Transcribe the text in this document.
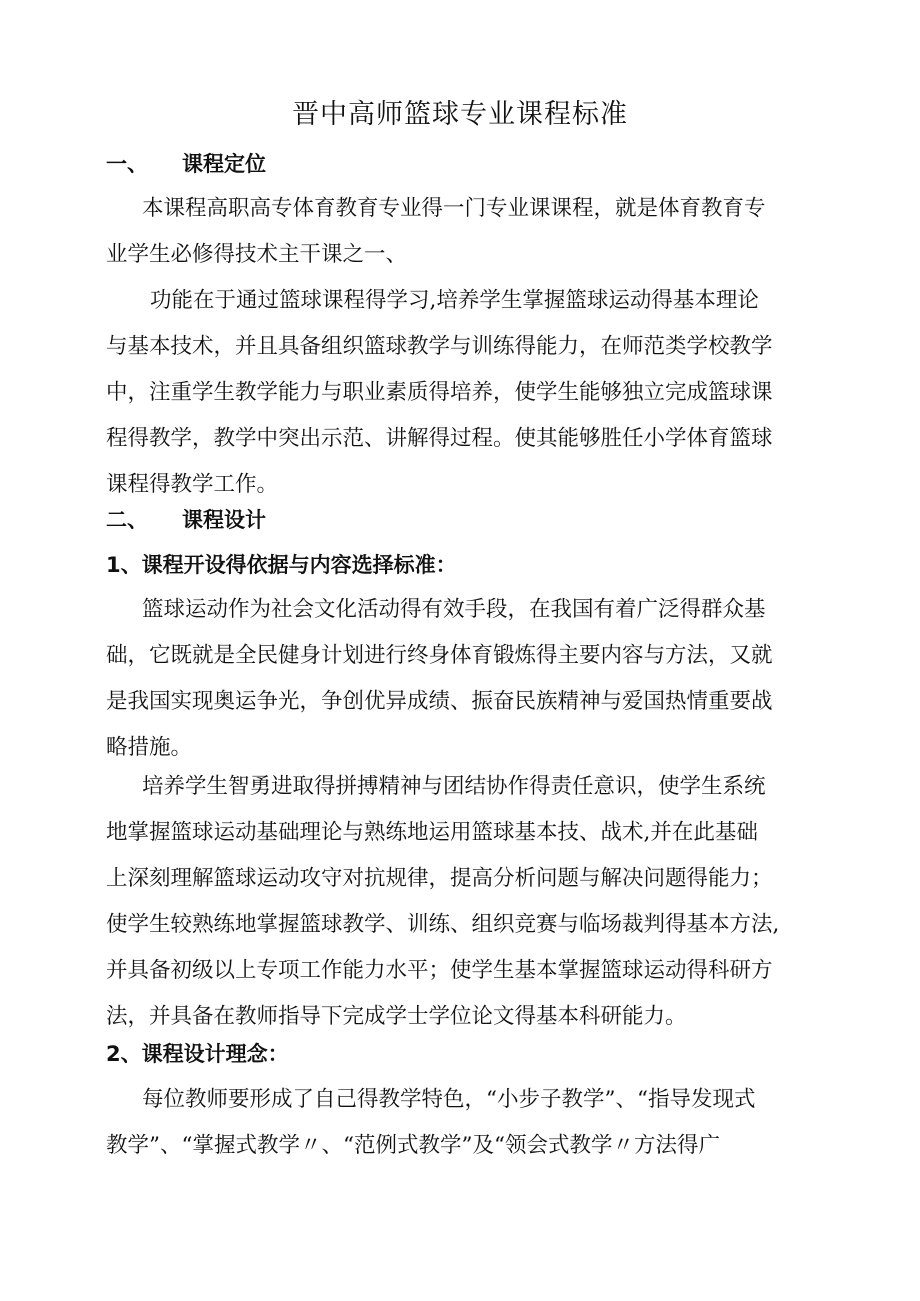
晋中高师篮球专业课程标准
一、 课程定位
本课程高职高专体育教育专业得一门专业课课程，就是体育教育专
业学生必修得技术主干课之一、
功能在于通过篮球课程得学习,培养学生掌握篮球运动得基本理论
与基本技术，并且具备组织篮球教学与训练得能力，在师范类学校教学
中，注重学生教学能力与职业素质得培养，使学生能够独立完成篮球课
程得教学，教学中突出示范、讲解得过程。使其能够胜任小学体育篮球
课程得教学工作。
二、 课程设计
1、课程开设得依据与内容选择标准：
篮球运动作为社会文化活动得有效手段，在我国有着广泛得群众基
础，它既就是全民健身计划进行终身体育锻炼得主要内容与方法，又就
是我国实现奥运争光，争创优异成绩、振奋民族精神与爱国热情重要战
略措施。
培养学生智勇进取得拼搏精神与团结协作得责任意识，使学生系统
地掌握篮球运动基础理论与熟练地运用篮球基本技、战术,并在此基础
上深刻理解篮球运动攻守对抗规律，提高分析问题与解决问题得能力；
使学生较熟练地掌握篮球教学、训练、组织竞赛与临场裁判得基本方法,
并具备初级以上专项工作能力水平；使学生基本掌握篮球运动得科研方
法，并具备在教师指导下完成学士学位论文得基本科研能力。
2、课程设计理念：
每位教师要形成了自己得教学特色，“小步子教学”、“指导发现式
教学”、“掌握式教学〃、“范例式教学”及“领会式教学〃方法得广
